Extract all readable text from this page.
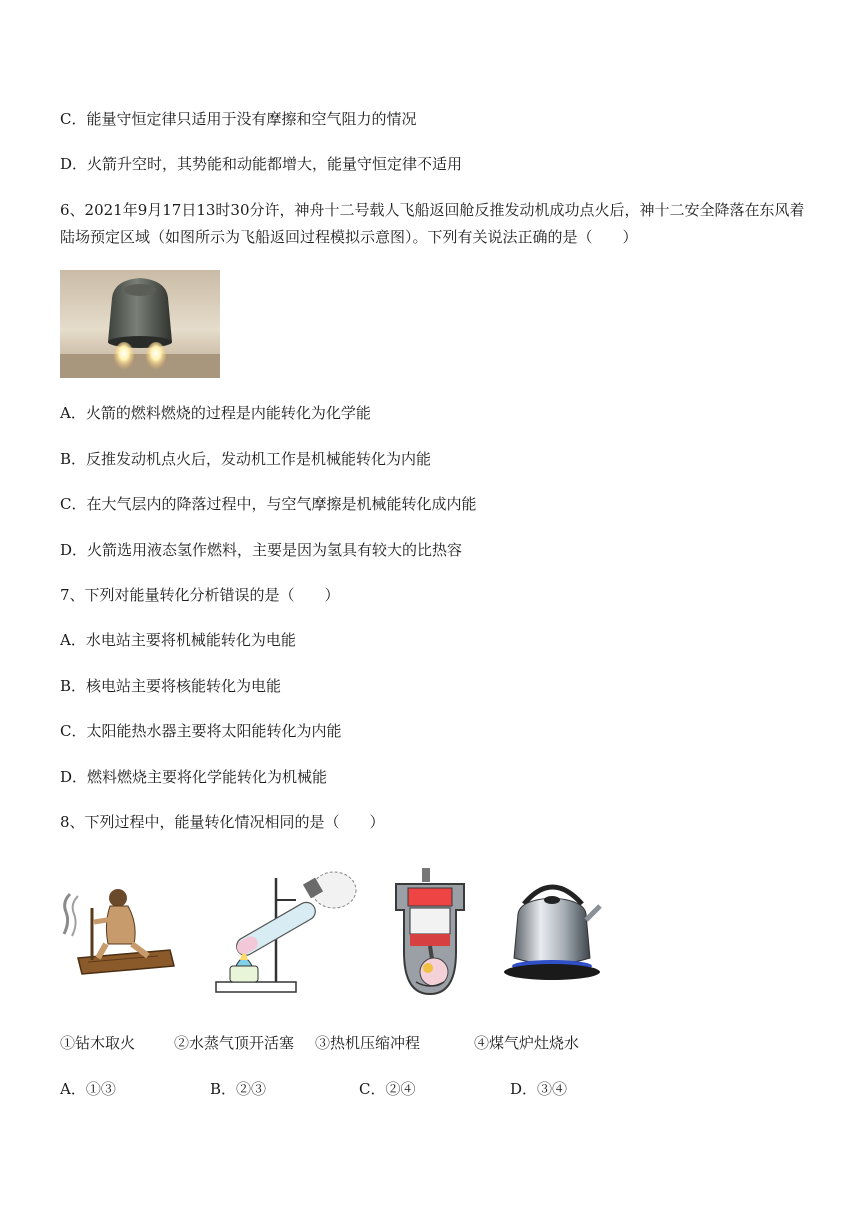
C．能量守恒定律只适用于没有摩擦和空气阻力的情况
D．火箭升空时，其势能和动能都增大，能量守恒定律不适用
6、2021年9月17日13时30分许，神舟十二号载人飞船返回舱反推发动机成功点火后，神十二安全降落在东风着陆场预定区域（如图所示为飞船返回过程模拟示意图）。下列有关说法正确的是（　　）
A．火箭的燃料燃烧的过程是内能转化为化学能
B．反推发动机点火后，发动机工作是机械能转化为内能
C．在大气层内的降落过程中，与空气摩擦是机械能转化成内能
D．火箭选用液态氢作燃料，主要是因为氢具有较大的比热容
7、下列对能量转化分析错误的是（　　）
A．水电站主要将机械能转化为电能
B．核电站主要将核能转化为电能
C．太阳能热水器主要将太阳能转化为内能
D．燃料燃烧主要将化学能转化为机械能
8、下列过程中，能量转化情况相同的是（　　）
①钻木取火	②水蒸气顶开活塞 ③热机压缩冲程	④煤气炉灶烧水
A．①③	B．②③	C．②④	D．③④
